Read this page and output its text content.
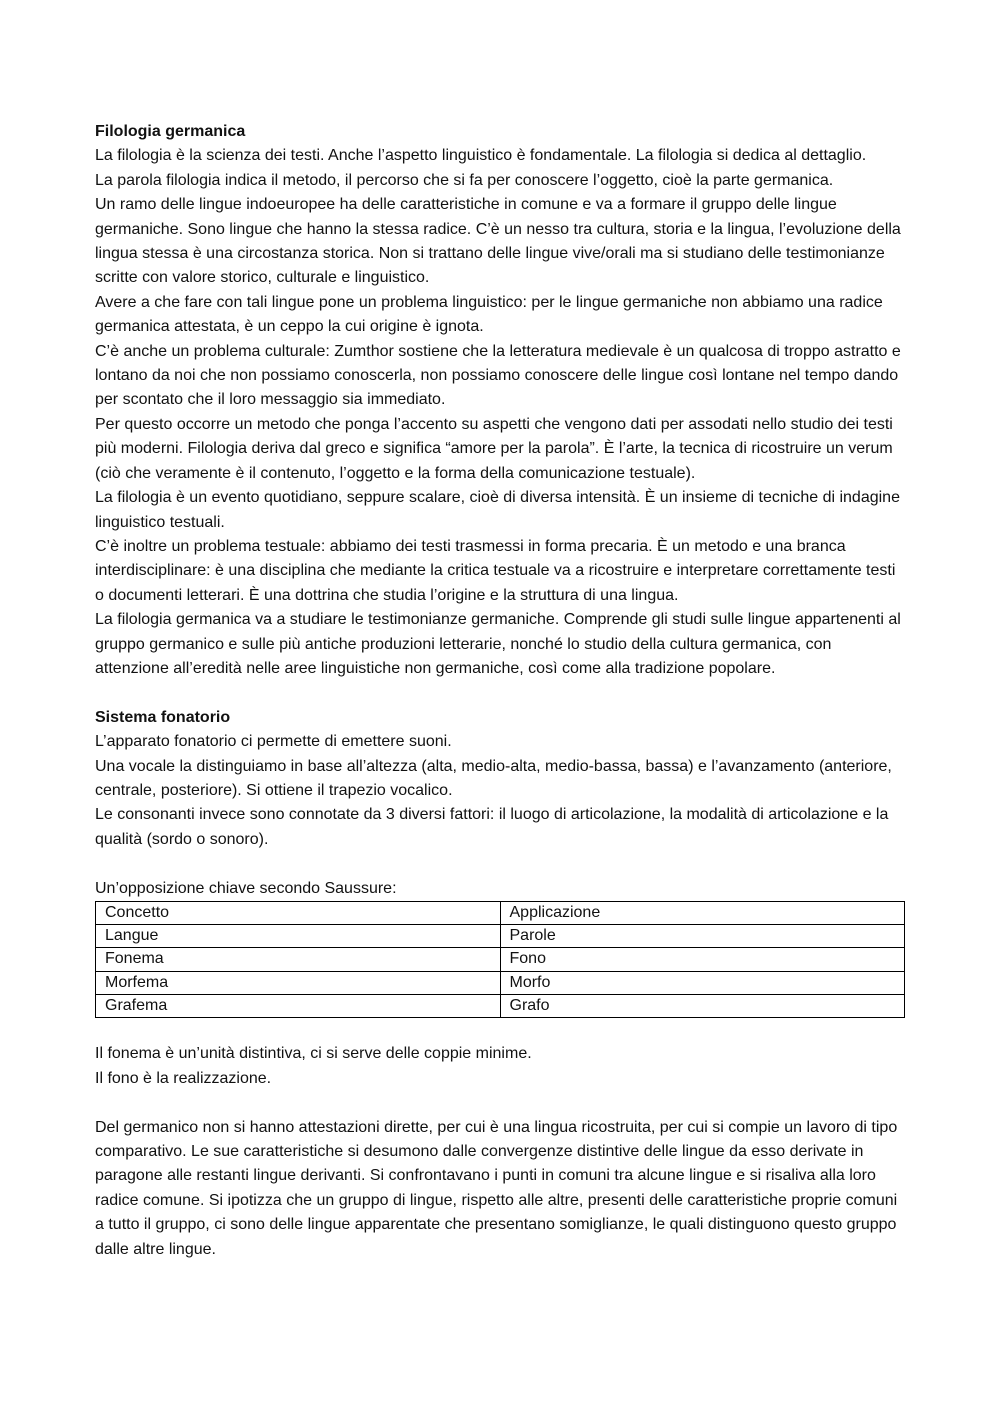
Filologia germanica

La filologia è la scienza dei testi. Anche l’aspetto linguistico è fondamentale. La filologia si dedica al dettaglio.

La parola filologia indica il metodo, il percorso che si fa per conoscere l’oggetto, cioè la parte germanica.

Un ramo delle lingue indoeuropee ha delle caratteristiche in comune e va a formare il gruppo delle lingue germaniche. Sono lingue che hanno la stessa radice. C’è un nesso tra cultura, storia e la lingua, l’evoluzione della lingua stessa è una circostanza storica. Non si trattano delle lingue vive/orali ma si studiano delle testimonianze scritte con valore storico, culturale e linguistico.

Avere a che fare con tali lingue pone un problema linguistico: per le lingue germaniche non abbiamo una radice germanica attestata, è un ceppo la cui origine è ignota.

C’è anche un problema culturale: Zumthor sostiene che la letteratura medievale è un qualcosa di troppo astratto e lontano da noi che non possiamo conoscerla, non possiamo conoscere delle lingue così lontane nel tempo dando per scontato che il loro messaggio sia immediato.

Per questo occorre un metodo che ponga l’accento su aspetti che vengono dati per assodati nello studio dei testi più moderni. Filologia deriva dal greco e significa “amore per la parola”. È l’arte, la tecnica di ricostruire un verum (ciò che veramente è il contenuto, l’oggetto e la forma della comunicazione testuale).

La filologia è un evento quotidiano, seppure scalare, cioè di diversa intensità. È un insieme di tecniche di indagine linguistico testuali.

C’è inoltre un problema testuale: abbiamo dei testi trasmessi in forma precaria. È un metodo e una branca interdisciplinare: è una disciplina che mediante la critica testuale va a ricostruire e interpretare correttamente testi o documenti letterari. È una dottrina che studia l’origine e la struttura di una lingua.

La filologia germanica va a studiare le testimonianze germaniche. Comprende gli studi sulle lingue appartenenti al gruppo germanico e sulle più antiche produzioni letterarie, nonché lo studio della cultura germanica, con attenzione all’eredità nelle aree linguistiche non germaniche, così come alla tradizione popolare.

Sistema fonatorio

L’apparato fonatorio ci permette di emettere suoni.

Una vocale la distinguiamo in base all’altezza (alta, medio-alta, medio-bassa, bassa) e l’avanzamento (anteriore, centrale, posteriore). Si ottiene il trapezio vocalico.

Le consonanti invece sono connotate da 3 diversi fattori: il luogo di articolazione, la modalità di articolazione e la qualità (sordo o sonoro).

Un’opposizione chiave secondo Saussure:

Concetto	Applicazione
Langue	Parole
Fonema	Fono
Morfema	Morfo
Grafema	Grafo

Il fonema è un’unità distintiva, ci si serve delle coppie minime.

Il fono è la realizzazione.

Del germanico non si hanno attestazioni dirette, per cui è una lingua ricostruita, per cui si compie un lavoro di tipo comparativo. Le sue caratteristiche si desumono dalle convergenze distintive delle lingue da esso derivate in paragone alle restanti lingue derivanti. Si confrontavano i punti in comuni tra alcune lingue e si risaliva alla loro radice comune. Si ipotizza che un gruppo di lingue, rispetto alle altre, presenti delle caratteristiche proprie comuni a tutto il gruppo, ci sono delle lingue apparentate che presentano somiglianze, le quali distinguono questo gruppo dalle altre lingue.
